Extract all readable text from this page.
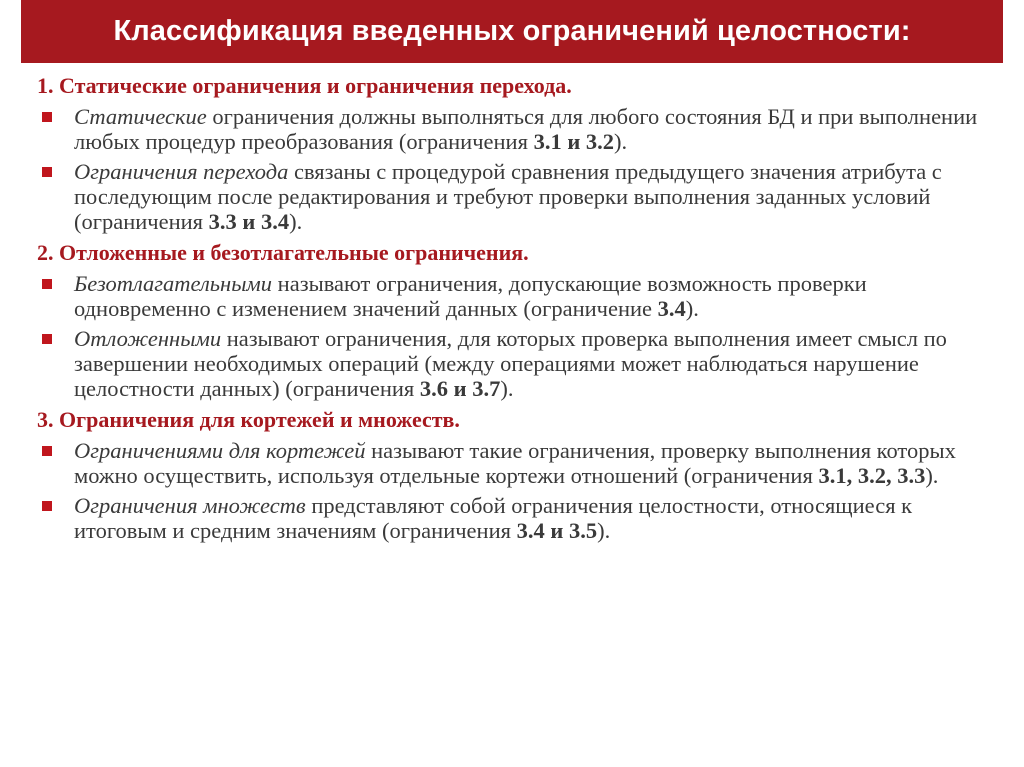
Классификация введенных ограничений целостности:
1. Статические ограничения и ограничения перехода.
Статические ограничения должны выполняться для любого состояния БД и при выполнении любых процедур преобразования (ограничения 3.1 и 3.2).
Ограничения перехода связаны с процедурой сравнения предыдущего значения атрибута с последующим после редактирования и требуют проверки выполнения заданных условий (ограничения 3.3 и 3.4).
2. Отложенные и безотлагательные ограничения.
Безотлагательными называют ограничения, допускающие возможность проверки одновременно с изменением значений данных (ограничение 3.4).
Отложенными называют ограничения, для которых проверка выполнения имеет смысл по завершении необходимых операций (между операциями может наблюдаться нарушение целостности данных) (ограничения 3.6 и 3.7).
3. Ограничения для кортежей и множеств.
Ограничениями для кортежей называют такие ограничения, проверку выполнения которых можно осуществить, используя отдельные кортежи отношений (ограничения 3.1, 3.2, 3.3).
Ограничения множеств представляют собой ограничения целостности, относящиеся к итоговым и средним значениям (ограничения 3.4 и 3.5).
